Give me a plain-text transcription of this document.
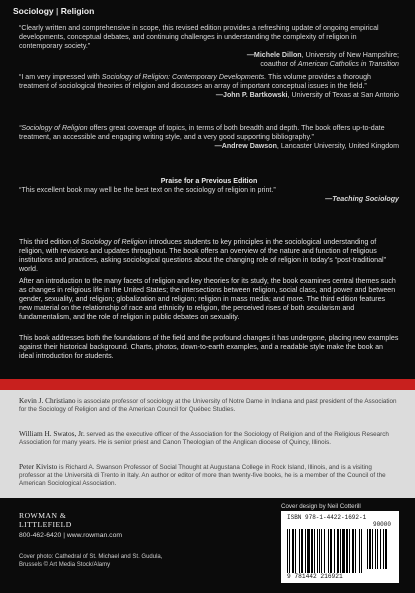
Sociology | Religion
“Clearly written and comprehensive in scope, this revised edition provides a refreshing update of ongoing empirical developments, conceptual debates, and continuing challenges in understanding the complexity of religion in contemporary society.”
—Michele Dillon, University of New Hampshire;
coauthor of American Catholics in Transition
“I am very impressed with Sociology of Religion: Contemporary Developments. This volume provides a thorough treatment of sociological theories of religion and discusses an array of important conceptual issues in the field.”
—John P. Bartkowski, University of Texas at San Antonio
“Sociology of Religion offers great coverage of topics, in terms of both breadth and depth. The book offers up-to-date treatment, an accessible and engaging writing style, and a very good supporting bibliography.”
—Andrew Dawson, Lancaster University, United Kingdom
Praise for a Previous Edition
“This excellent book may well be the best text on the sociology of religion in print.”
—Teaching Sociology
This third edition of Sociology of Religion introduces students to key principles in the sociological understanding of religion, with revisions and updates throughout. The book offers an overview of the nature and function of religious institutions and practices, asking sociological questions about the changing role of religion in today’s “post-traditional” world.
After an introduction to the many facets of religion and key theories for its study, the book examines central themes such as changes in religious life in the United States; the intersections between religion, social class, and power and between gender, sexuality, and religion; globalization and religion; religion in mass media; and more. The third edition features new material on the relationship of race and ethnicity to religion, the perceived rises of both secularism and fundamentalism, and the role of religion in public debates on sexuality.
This book addresses both the foundations of the field and the profound changes it has undergone, placing new examples against their historical background. Charts, photos, down-to-earth examples, and a readable style make the book an ideal introduction for students.
Kevin J. Christiano is associate professor of sociology at the University of Notre Dame in Indiana and past president of the Association for the Sociology of Religion and of the American Council for Québec Studies.
William H. Swatos, Jr. served as the executive officer of the Association for the Sociology of Religion and of the Religious Research Association for many years. He is senior priest and Canon Theologian of the Anglican diocese of Quincy, Illinois.
Peter Kivisto is Richard A. Swanson Professor of Social Thought at Augustana College in Rock Island, Illinois, and is a visiting professor at the Università di Trento in Italy. An author or editor of more than twenty-five books, he is a member of the Council of the American Sociological Association.
ROWMAN &
LITTLEFIELD
800-462-6420 | www.rowman.com
Cover photo: Cathedral of St. Michael and St. Gudula,
Brussels © Art Media Stock/Alamy
Cover design by Neil Cotterill
ISBN 978-1-4422-1692-1
90000
9 781442 216921
